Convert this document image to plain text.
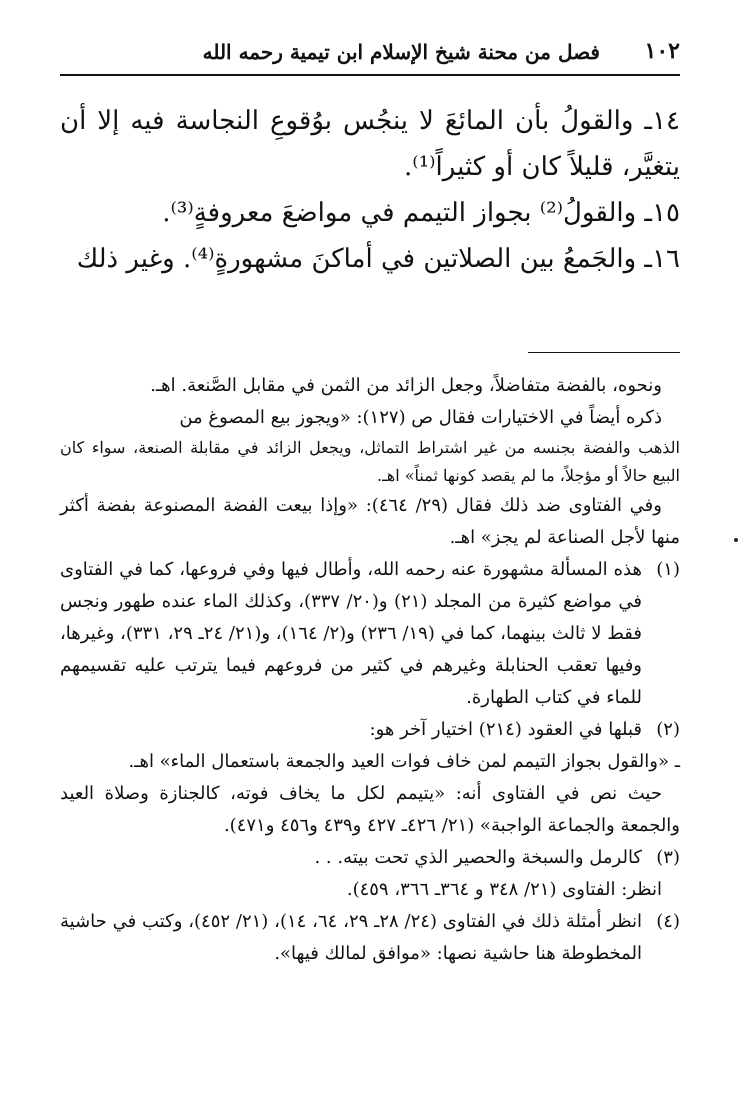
١٠٢
فصل من محنة شيخ الإسلام ابن تيمية رحمه الله

١٤ـ والقولُ بأن المائعَ لا ينجُس بوُقوعِ النجاسة فيه إلا أن يتغيَّر، قليلاً كان أو كثيراً⁽¹⁾.

١٥ـ والقولُ⁽²⁾ بجواز التيمم في مواضعَ معروفةٍ⁽³⁾.

١٦ـ والجَمعُ بين الصلاتين في أماكنَ مشهورةٍ⁽⁴⁾. وغير ذلك

ونحوه، بالفضة متفاضلاً، وجعل الزائد من الثمن في مقابل الصَّنعة. اهـ.

ذكره أيضاً في الاختيارات فقال ص (١٢٧): «ويجوز بيع المصوغ من

الذهب والفضة بجنسه من غير اشتراط التماثل، ويجعل الزائد في مقابلة الصنعة، سواء كان البيع حالاً أو مؤجلاً، ما لم يقصد كونها ثمناً» اهـ.

وفي الفتاوى ضد ذلك فقال (٢٩/ ٤٦٤): «وإذا بيعت الفضة المصنوعة بفضة أكثر منها لأجل الصناعة لم يجز» اهـ.

(١)
هذه المسألة مشهورة عنه رحمه الله، وأطال فيها وفي فروعها، كما في الفتاوى في مواضع كثيرة من المجلد (٢١) و(٢٠/ ٣٣٧)، وكذلك الماء عنده طهور ونجس فقط لا ثالث بينهما، كما في (١٩/ ٢٣٦) و(٢/ ١٦٤)، و(٢١/ ٢٤ـ ٢٩، ٣٣١)، وغيرها، وفيها تعقب الحنابلة وغيرهم في كثير من فروعهم فيما يترتب عليه تقسيمهم للماء في كتاب الطهارة.
(٢)
قبلها في العقود (٢١٤) اختيار آخر هو:

ـ «والقول بجواز التيمم لمن خاف فوات العيد والجمعة باستعمال الماء» اهـ.

حيث نص في الفتاوى أنه: «يتيمم لكل ما يخاف فوته، كالجنازة وصلاة العيد والجمعة والجماعة الواجبة» (٢١/ ٤٢٦ـ ٤٢٧ و٤٣٩ و٤٥٦ و٤٧١).

(٣)
كالرمل والسبخة والحصير الذي تحت بيته. . .

انظر: الفتاوى (٢١/ ٣٤٨ و ٣٦٤ـ ٣٦٦، ٤٥٩).

(٤)
انظر أمثلة ذلك في الفتاوى (٢٤/ ٢٨ـ ٢٩، ٦٤، ١٤)، (٢١/ ٤٥٢)، وكتب في حاشية المخطوطة هنا حاشية نصها: «موافق لمالك فيها».
